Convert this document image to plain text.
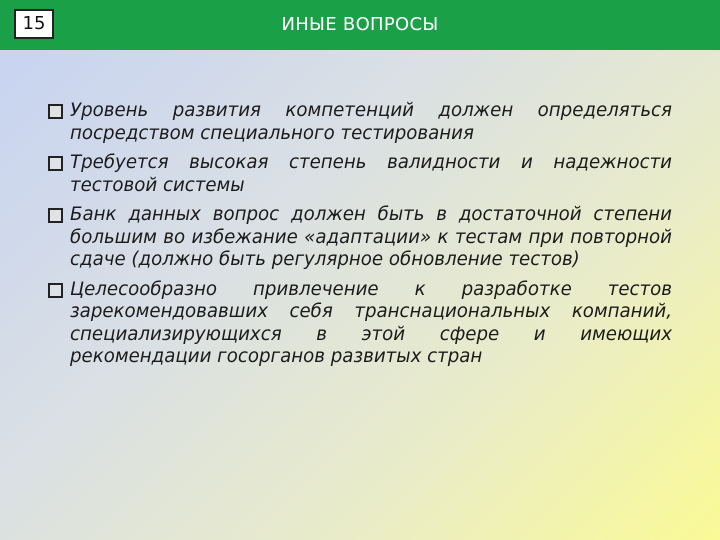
15	ИНЫЕ ВОПРОСЫ
Уровень развития компетенций должен определяться посредством специального тестирования
Требуется высокая степень валидности и надежности тестовой системы
Банк данных вопрос должен быть в достаточной степени большим во избежание «адаптации» к тестам при повторной сдаче (должно быть регулярное обновление тестов)
Целесообразно привлечение к разработке тестов зарекомендовавших себя транснациональных компаний, специализирующихся в этой сфере и имеющих рекомендации госорганов развитых стран
